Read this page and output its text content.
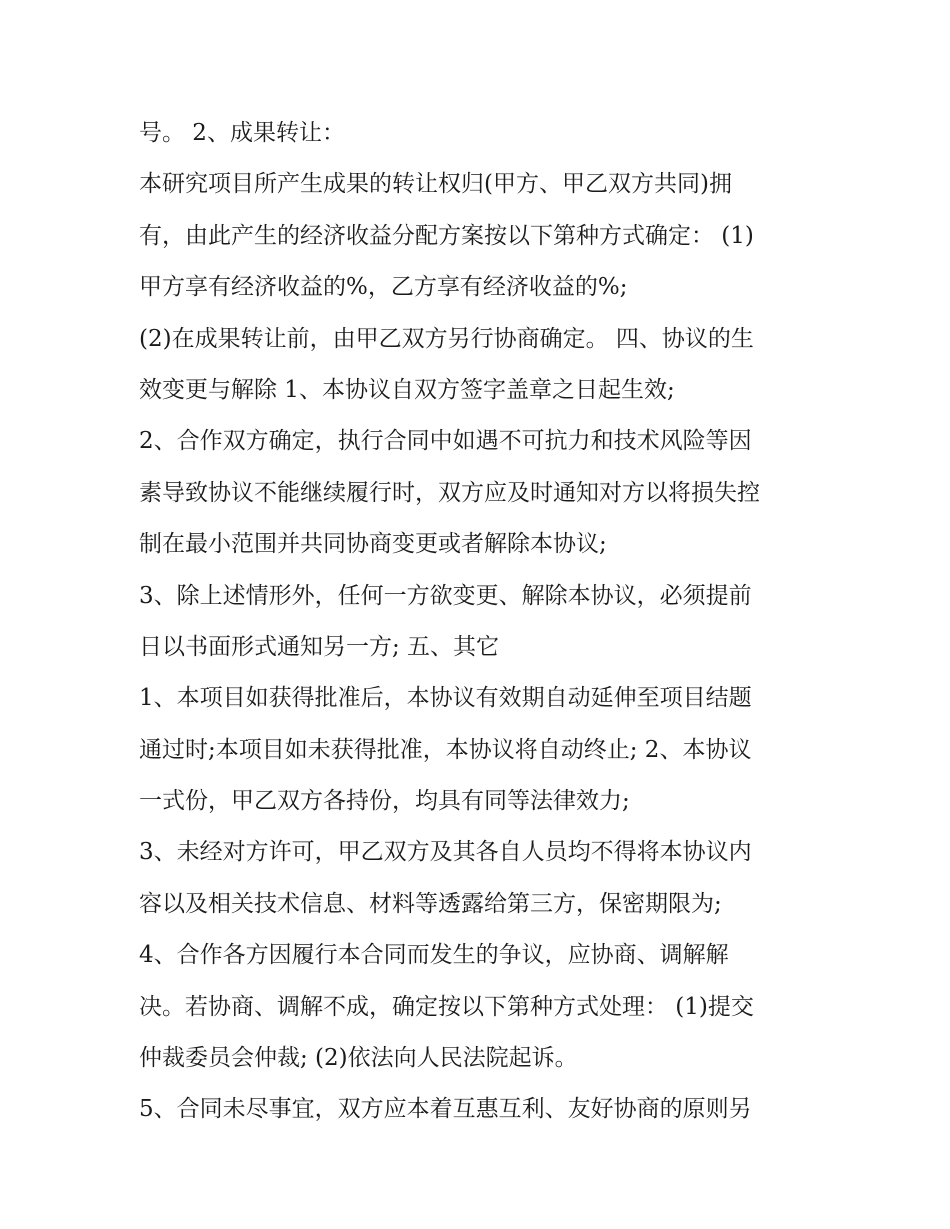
号。 2、成果转让：
本研究项目所产生成果的转让权归(甲方、甲乙双方共同)拥
有，由此产生的经济收益分配方案按以下第种方式确定： (1)
甲方享有经济收益的%，乙方享有经济收益的%;
(2)在成果转让前，由甲乙双方另行协商确定。 四、协议的生
效变更与解除 1、本协议自双方签字盖章之日起生效;
2、合作双方确定，执行合同中如遇不可抗力和技术风险等因
素导致协议不能继续履行时，双方应及时通知对方以将损失控
制在最小范围并共同协商变更或者解除本协议;
3、除上述情形外，任何一方欲变更、解除本协议，必须提前
日以书面形式通知另一方; 五、其它
1、本项目如获得批准后，本协议有效期自动延伸至项目结题
通过时;本项目如未获得批准，本协议将自动终止; 2、本协议
一式份，甲乙双方各持份，均具有同等法律效力;
3、未经对方许可，甲乙双方及其各自人员均不得将本协议内
容以及相关技术信息、材料等透露给第三方，保密期限为;
4、合作各方因履行本合同而发生的争议，应协商、调解解
决。若协商、调解不成，确定按以下第种方式处理： (1)提交
仲裁委员会仲裁; (2)依法向人民法院起诉。
5、合同未尽事宜，双方应本着互惠互利、友好协商的原则另
